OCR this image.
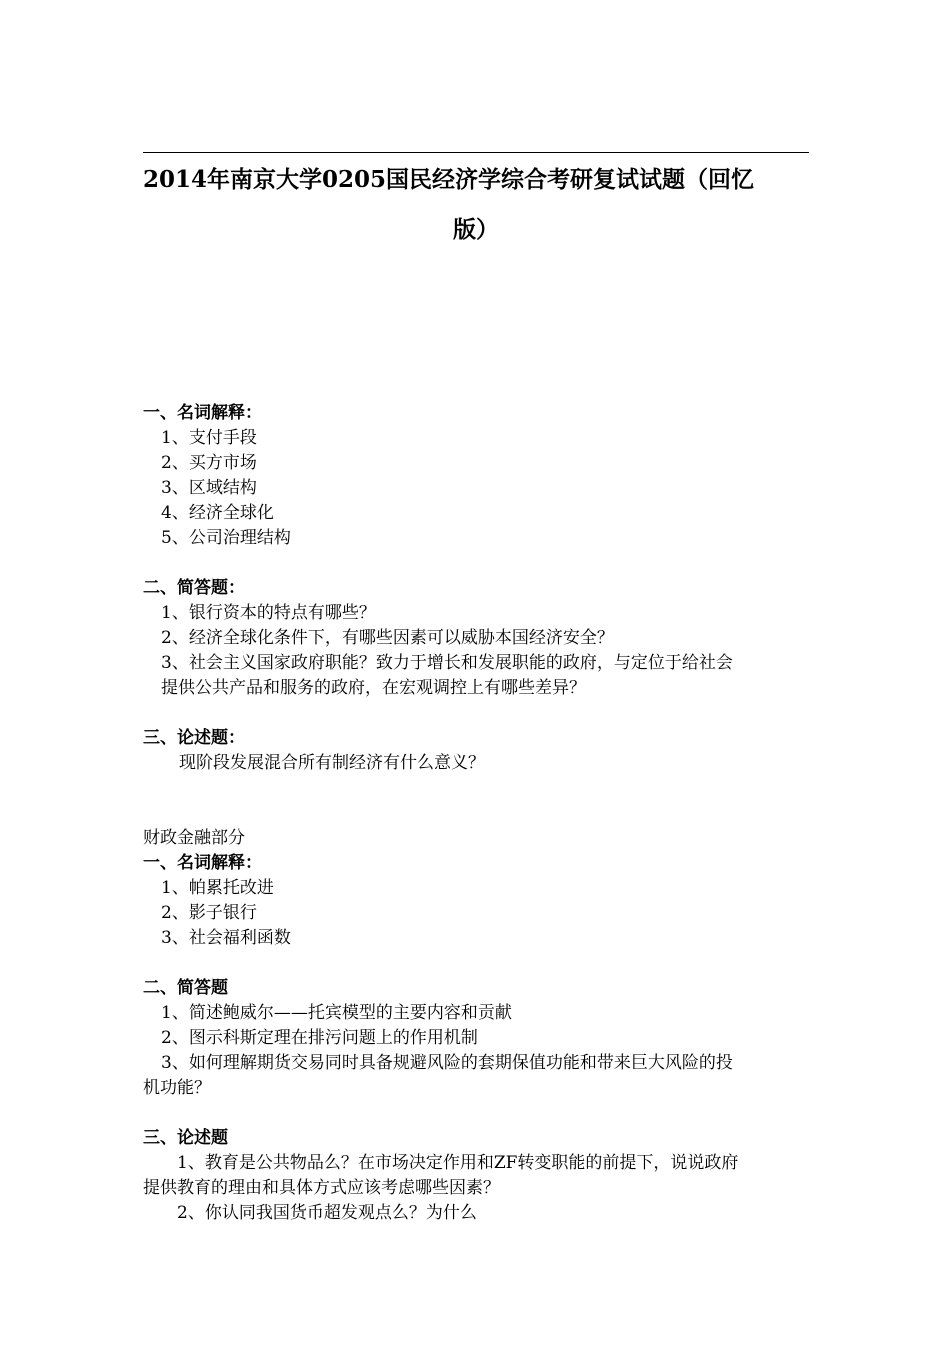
2014年南京大学0205国民经济学综合考研复试试题（回忆
版）

一、名词解释：

1、支付手段

2、买方市场

3、区域结构

4、经济全球化

5、公司治理结构

二、简答题：

1、银行资本的特点有哪些？

2、经济全球化条件下，有哪些因素可以威胁本国经济安全？

3、社会主义国家政府职能？致力于增长和发展职能的政府，与定位于给社会

提供公共产品和服务的政府，在宏观调控上有哪些差异？

三、论述题：

现阶段发展混合所有制经济有什么意义？

财政金融部分

一、名词解释：

1、帕累托改进

2、影子银行

3、社会福利函数

二、简答题

1、简述鲍威尔——托宾模型的主要内容和贡献

2、图示科斯定理在排污问题上的作用机制

3、如何理解期货交易同时具备规避风险的套期保值功能和带来巨大风险的投

机功能？

三、论述题

1、教育是公共物品么？在市场决定作用和ZF转变职能的前提下，说说政府

提供教育的理由和具体方式应该考虑哪些因素？

2、你认同我国货币超发观点么？为什么
